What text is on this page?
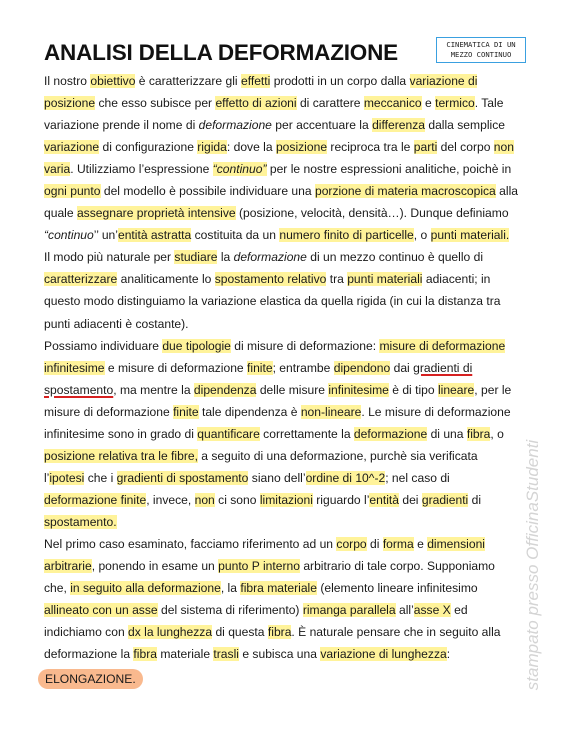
ANALISI DELLA DEFORMAZIONE	CINEMATICA DI UN
MEZZO CONTINUO
Il nostro obiettivo è caratterizzare gli effetti prodotti in un corpo dalla variazione di
posizione che esso subisce per effetto di azioni di carattere meccanico e termico. Tale
variazione prende il nome di deformazione per accentuare la differenza dalla semplice
variazione di configurazione rigida: dove la posizione reciproca tra le parti del corpo non
varia. Utilizziamo l’espressione “continuo” per le nostre espressioni analitiche, poichè in
ogni punto del modello è possibile individuare una porzione di materia macroscopica alla
quale assegnare proprietà intensive (posizione, velocità, densità…). Dunque definiamo
“continuo’’ un’entità astratta costituita da un numero finito di particelle, o punti materiali.
Il modo più naturale per studiare la deformazione di un mezzo continuo è quello di
caratterizzare analiticamente lo spostamento relativo tra punti materiali adiacenti; in
questo modo distinguiamo la variazione elastica da quella rigida (in cui la distanza tra
punti adiacenti è costante).
Possiamo individuare due tipologie di misure di deformazione: misure di deformazione
infinitesime e misure di deformazione finite; entrambe dipendono dai gradienti di
spostamento, ma mentre la dipendenza delle misure infinitesime è di tipo lineare, per le
misure di deformazione finite tale dipendenza è non-lineare. Le misure di deformazione
infinitesime sono in grado di quantificare correttamente la deformazione di una fibra, o
posizione relativa tra le fibre, a seguito di una deformazione, purchè sia verificata
l’ipotesi che i gradienti di spostamento siano dell’ordine di 10^-2; nel caso di
deformazione finite, invece, non ci sono limitazioni riguardo l’entità dei gradienti di
spostamento.
Nel primo caso esaminato, facciamo riferimento ad un corpo di forma e dimensioni
arbitrarie, ponendo in esame un punto P interno arbitrario di tale corpo. Supponiamo
che, in seguito alla deformazione, la fibra materiale (elemento lineare infinitesimo
allineato con un asse del sistema di riferimento) rimanga parallela all’asse X ed
indichiamo con dx la lunghezza di questa fibra. È naturale pensare che in seguito alla
deformazione la fibra materiale trasli e subisca una variazione di lunghezza:
ELONGAZIONE.	stampato presso OfficinaStudenti
